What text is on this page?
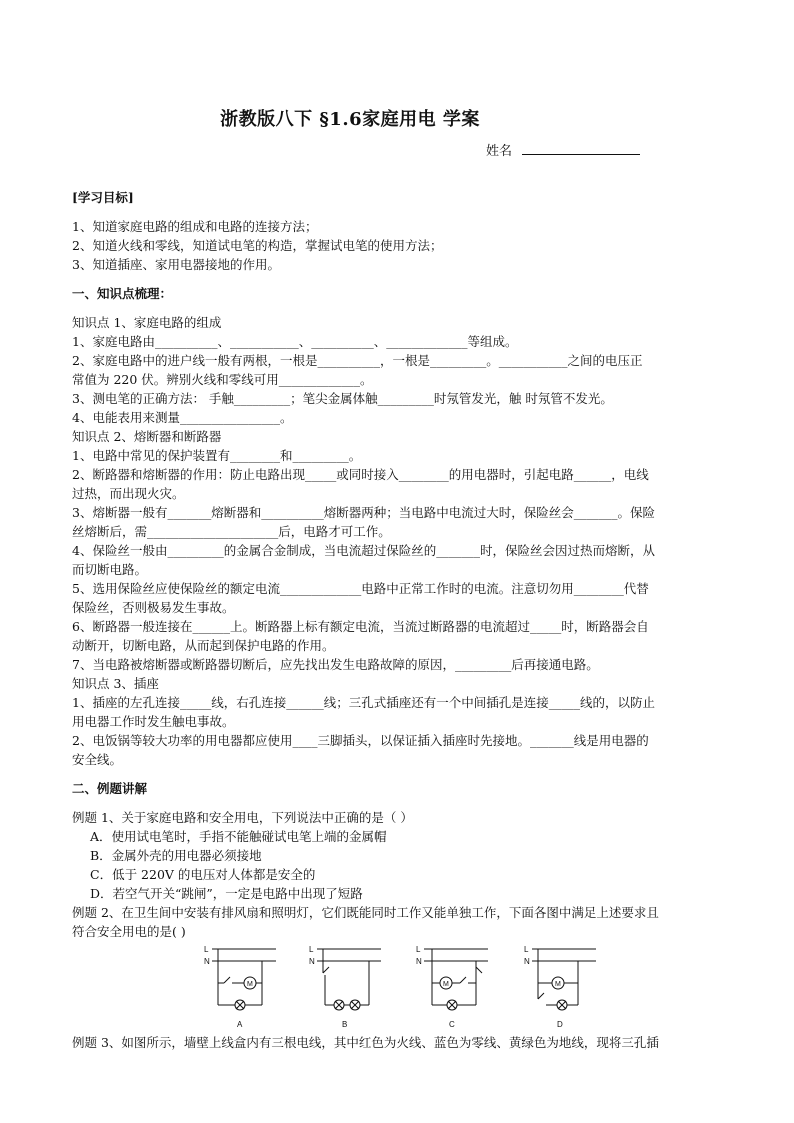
浙教版八下 §1.6家庭用电 学案
姓名

[学习目标]

1、知道家庭电路的组成和电路的连接方法；

2、知道火线和零线，知道试电笔的构造，掌握试电笔的使用方法；

3、知道插座、家用电器接地的作用。

一、知识点梳理：

知识点 1、家庭电路的组成

1、家庭电路由__________、___________、__________、_____________等组成。

2、家庭电路中的进户线一般有两根，一根是__________，一根是_________。___________之间的电压正

常值为 220 伏。辨别火线和零线可用_____________。

3、测电笔的正确方法： 手触_________；笔尖金属体触_________时氖管发光，触 时氖管不发光。

4、电能表用来测量________________。

知识点 2、熔断器和断路器

1、电路中常见的保护装置有________和_________。

2、断路器和熔断器的作用：防止电路出现_____或同时接入________的用电器时，引起电路______，电线

过热，而出现火灾。

3、熔断器一般有_______熔断器和__________熔断器两种；当电路中电流过大时，保险丝会_______。保险

丝熔断后，需_____________________后，电路才可工作。

4、保险丝一般由_________的金属合金制成，当电流超过保险丝的_______时，保险丝会因过热而熔断，从

而切断电路。

5、选用保险丝应使保险丝的额定电流_____________电路中正常工作时的电流。注意切勿用________代替

保险丝，否则极易发生事故。

6、断路器一般连接在______上。断路器上标有额定电流，当流过断路器的电流超过_____时，断路器会自

动断开，切断电路，从而起到保护电路的作用。

7、当电路被熔断器或断路器切断后，应先找出发生电路故障的原因，_________后再接通电路。

知识点 3、插座

1、插座的左孔连接_____线，右孔连接______线；三孔式插座还有一个中间插孔是连接_____线的，以防止

用电器工作时发生触电事故。

2、电饭锅等较大功率的用电器都应使用____三脚插头，以保证插入插座时先接地。_______线是用电器的

安全线。

二、例题讲解

例题 1、关于家庭电路和安全用电，下列说法中正确的是（ ）

A．使用试电笔时，手指不能触碰试电笔上端的金属帽

B．金属外壳的用电器必须接地

C．低于 220V 的电压对人体都是安全的

D．若空气开关“跳闸”，一定是电路中出现了短路

例题 2、在卫生间中安装有排风扇和照明灯，它们既能同时工作又能单独工作，下面各图中满足上述要求且

符合安全用电的是( )

L
N
M
A
L
N
B
L
N
M
C
L
N
M
D

例题 3、如图所示，墙壁上线盒内有三根电线，其中红色为火线、蓝色为零线、黄绿色为地线，现将三孔插
